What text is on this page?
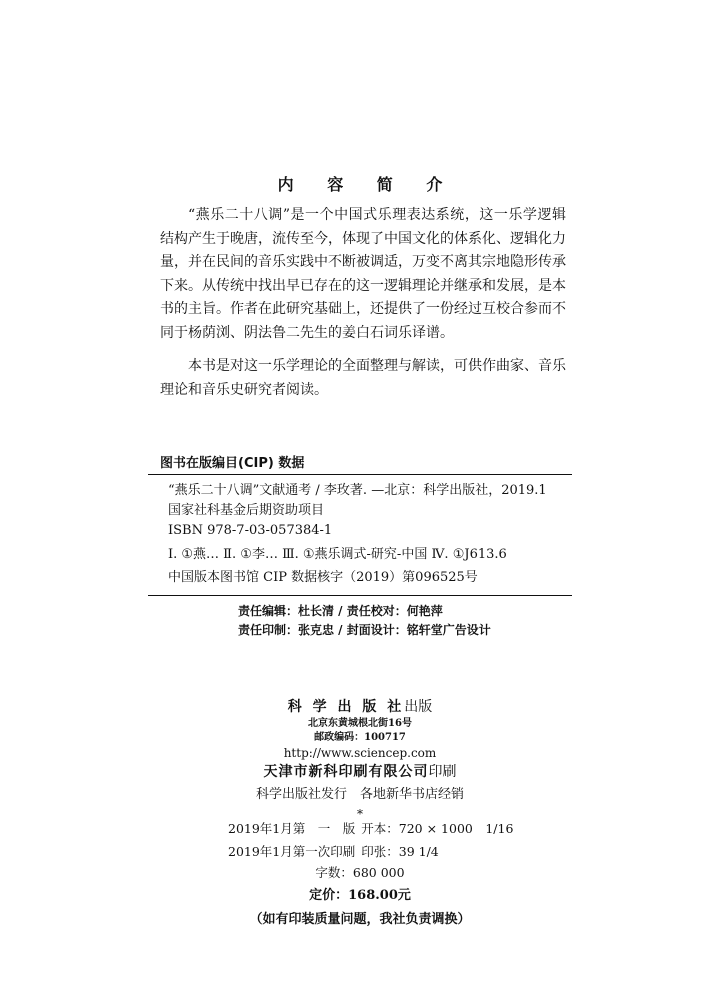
内 容 简 介

“燕乐二十八调”是一个中国式乐理表达系统，这一乐学逻辑结构产生于晚唐，流传至今，体现了中国文化的体系化、逻辑化力量，并在民间的音乐实践中不断被调适，万变不离其宗地隐形传承下来。从传统中找出早已存在的这一逻辑理论并继承和发展，是本书的主旨。作者在此研究基础上，还提供了一份经过互校合参而不同于杨荫浏、阴法鲁二先生的姜白石词乐译谱。

本书是对这一乐学理论的全面整理与解读，可供作曲家、音乐理论和音乐史研究者阅读。

图书在版编目(CIP) 数据
“燕乐二十八调”文献通考 / 李玫著. —北京：科学出版社，2019.1
国家社科基金后期资助项目
ISBN 978-7-03-057384-1
Ⅰ. ①燕… Ⅱ. ①李… Ⅲ. ①燕乐调式-研究-中国 Ⅳ. ①J613.6
中国版本图书馆 CIP 数据核字（2019）第096525号
责任编辑：杜长清 / 责任校对：何艳萍
责任印制：张克忠 / 封面设计：铭轩堂广告设计
科 学 出 版 社出版
北京东黄城根北街16号
邮政编码：100717
http://www.sciencep.com
天津市新科印刷有限公司印刷
科学出版社发行　各地新华书店经销
*
2019年1月第　一　版 开本：720 × 1000　1/16
2019年1月第一次印刷 印张：39 1/4
字数：680 000
定价：168.00元
（如有印装质量问题，我社负责调换）
